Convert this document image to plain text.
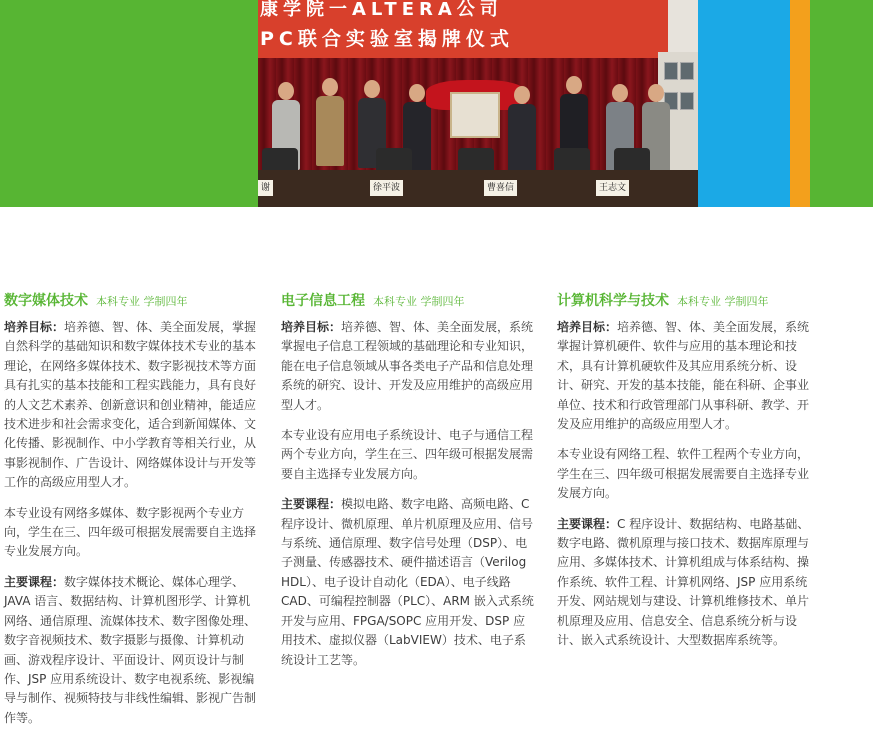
康学院一ALTERA公司
PC联合实验室揭牌仪式
谢	徐平波	曹喜信	王志文
数字媒体技术 本科专业 学制四年

培养目标：培养德、智、体、美全面发展，掌握自然科学的基础知识和数字媒体技术专业的基本理论，在网络多媒体技术、数字影视技术等方面具有扎实的基本技能和工程实践能力，具有良好的人文艺术素养、创新意识和创业精神，能适应技术进步和社会需求变化，适合到新闻媒体、文化传播、影视制作、中小学教育等相关行业，从事影视制作、广告设计、网络媒体设计与开发等工作的高级应用型人才。

本专业设有网络多媒体、数字影视两个专业方向，学生在三、四年级可根据发展需要自主选择专业发展方向。

主要课程：数字媒体技术概论、媒体心理学、JAVA 语言、数据结构、计算机图形学、计算机网络、通信原理、流媒体技术、数字图像处理、数字音视频技术、数字摄影与摄像、计算机动画、游戏程序设计、平面设计、网页设计与制作、JSP 应用系统设计、数字电视系统、影视编导与制作、视频特技与非线性编辑、影视广告制作等。

电子信息工程 本科专业 学制四年

培养目标：培养德、智、体、美全面发展，系统掌握电子信息工程领域的基础理论和专业知识，能在电子信息领域从事各类电子产品和信息处理系统的研究、设计、开发及应用维护的高级应用型人才。

本专业设有应用电子系统设计、电子与通信工程两个专业方向，学生在三、四年级可根据发展需要自主选择专业发展方向。

主要课程：模拟电路、数字电路、高频电路、C 程序设计、微机原理、单片机原理及应用、信号与系统、通信原理、数字信号处理（DSP）、电子测量、传感器技术、硬件描述语言（Verilog HDL）、电子设计自动化（EDA）、电子线路 CAD、可编程控制器（PLC）、ARM 嵌入式系统开发与应用、FPGA/SOPC 应用开发、DSP 应用技术、虚拟仪器（LabVIEW）技术、电子系统设计工艺等。

计算机科学与技术 本科专业 学制四年

培养目标：培养德、智、体、美全面发展，系统掌握计算机硬件、软件与应用的基本理论和技术，具有计算机硬软件及其应用系统分析、设计、研究、开发的基本技能，能在科研、企事业单位、技术和行政管理部门从事科研、教学、开发及应用维护的高级应用型人才。

本专业设有网络工程、软件工程两个专业方向，学生在三、四年级可根据发展需要自主选择专业发展方向。

主要课程：C 程序设计、数据结构、电路基础、数字电路、微机原理与接口技术、数据库原理与应用、多媒体技术、计算机组成与体系结构、操作系统、软件工程、计算机网络、JSP 应用系统开发、网站规划与建设、计算机维修技术、单片机原理及应用、信息安全、信息系统分析与设计、嵌入式系统设计、大型数据库系统等。
